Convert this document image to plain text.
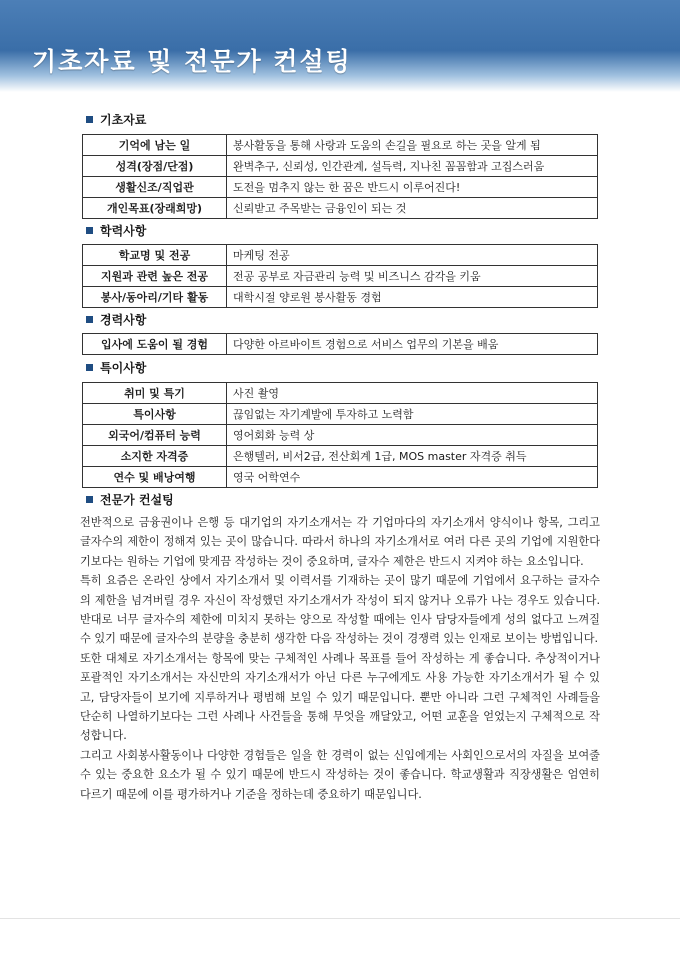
기초자료 및 전문가 컨설팅
기초자료
기억에 남는 일	봉사활동을 통해 사랑과 도움의 손길을 필요로 하는 곳을 알게 됨
성격(장점/단점)	완벽추구, 신뢰성, 인간관계, 설득력, 지나친 꼼꼼함과 고집스러움
생활신조/직업관	도전을 멈추지 않는 한 꿈은 반드시 이루어진다!
개인목표(장래희망)	신뢰받고 주목받는 금융인이 되는 것
학력사항
학교명 및 전공	마케팅 전공
지원과 관련 높은 전공	전공 공부로 자금관리 능력 및 비즈니스 감각을 키움
봉사/동아리/기타 활동	대학시절 양로원 봉사활동 경험
경력사항
입사에 도움이 될 경험	다양한 아르바이트 경험으로 서비스 업무의 기본을 배움
특이사항
취미 및 특기	사진 촬영
특이사항	끊임없는 자기계발에 투자하고 노력함
외국어/컴퓨터 능력	영어회화 능력 상
소지한 자격증	은행텔러, 비서2급, 전산회계 1급, MOS master 자격증 취득
연수 및 배낭여행	영국 어학연수
전문가 컨설팅

전반적으로 금융권이나 은행 등 대기업의 자기소개서는 각 기업마다의 자기소개서 양식이나 항목, 그리고 글자수의 제한이 정해져 있는 곳이 많습니다. 따라서 하나의 자기소개서로 여러 다른 곳의 기업에 지원한다기보다는 원하는 기업에 맞게끔 작성하는 것이 중요하며, 글자수 제한은 반드시 지켜야 하는 요소입니다.

특히 요즘은 온라인 상에서 자기소개서 및 이력서를 기재하는 곳이 많기 때문에 기업에서 요구하는 글자수의 제한을 넘겨버릴 경우 자신이 작성했던 자기소개서가 작성이 되지 않거나 오류가 나는 경우도 있습니다. 반대로 너무 글자수의 제한에 미치지 못하는 양으로 작성할 때에는 인사 담당자들에게 성의 없다고 느껴질 수 있기 때문에 글자수의 분량을 충분히 생각한 다음 작성하는 것이 경쟁력 있는 인재로 보이는 방법입니다.

또한 대체로 자기소개서는 항목에 맞는 구체적인 사례나 목표를 들어 작성하는 게 좋습니다. 추상적이거나 포괄적인 자기소개서는 자신만의 자기소개서가 아닌 다른 누구에게도 사용 가능한 자기소개서가 될 수 있고, 담당자들이 보기에 지루하거나 평범해 보일 수 있기 때문입니다. 뿐만 아니라 그런 구체적인 사례들을 단순히 나열하기보다는 그런 사례나 사건들을 통해 무엇을 깨달았고, 어떤 교훈을 얻었는지 구체적으로 작성합니다.

그리고 사회봉사활동이나 다양한 경험들은 일을 한 경력이 없는 신입에게는 사회인으로서의 자질을 보여줄 수 있는 중요한 요소가 될 수 있기 때문에 반드시 작성하는 것이 좋습니다. 학교생활과 직장생활은 엄연히 다르기 때문에 이를 평가하거나 기준을 정하는데 중요하기 때문입니다.
